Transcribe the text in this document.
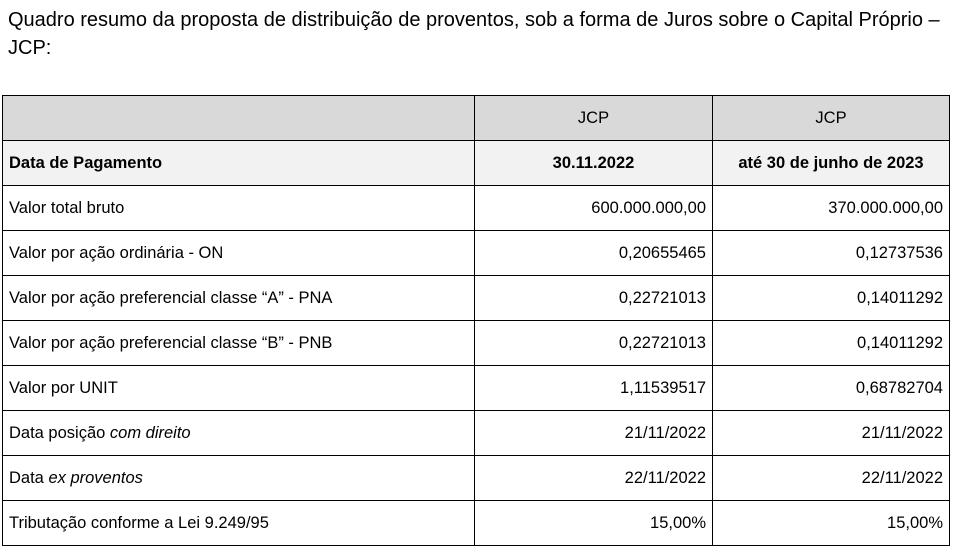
Quadro resumo da proposta de distribuição de proventos, sob a forma de Juros sobre o Capital Próprio – JCP:

	JCP	JCP
Data de Pagamento	30.11.2022	até 30 de junho de 2023
Valor total bruto	600.000.000,00	370.000.000,00
Valor por ação ordinária - ON	0,20655465	0,12737536
Valor por ação preferencial classe “A” - PNA	0,22721013	0,14011292
Valor por ação preferencial classe “B” - PNB	0,22721013	0,14011292
Valor por UNIT	1,11539517	0,68782704
Data posição com direito	21/11/2022	21/11/2022
Data ex proventos	22/11/2022	22/11/2022
Tributação conforme a Lei 9.249/95	15,00%	15,00%
